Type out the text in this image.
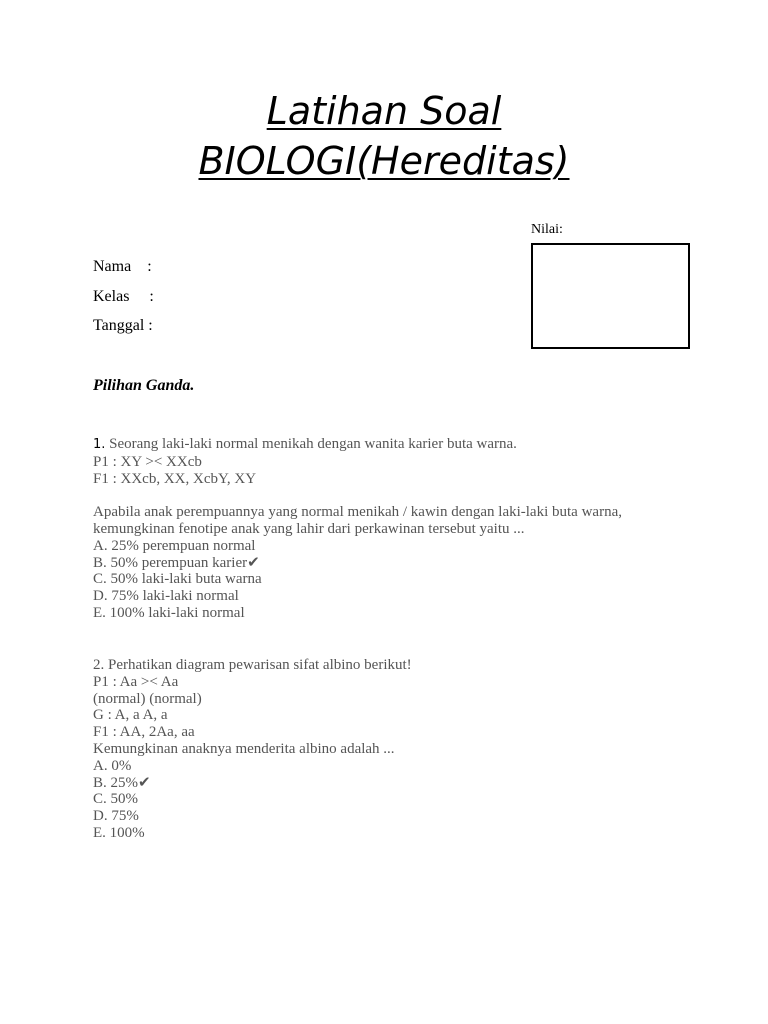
Latihan Soal
BIOLOGI(Hereditas)
Nilai:
Nama    :
Kelas     :
Tanggal :
Pilihan Ganda.
1. Seorang laki-laki normal menikah dengan wanita karier buta warna.
P1 : XY >< XXcb
F1 : XXcb, XX, XcbY, XY
Apabila anak perempuannya yang normal menikah / kawin dengan laki-laki buta warna,
kemungkinan fenotipe anak yang lahir dari perkawinan tersebut yaitu ...
A. 25% perempuan normal
B. 50% perempuan karier✔
C. 50% laki-laki buta warna
D. 75% laki-laki normal
E. 100% laki-laki normal
2. Perhatikan diagram pewarisan sifat albino berikut!
P1 : Aa >< Aa
(normal) (normal)
G : A, a A, a
F1 : AA, 2Aa, aa
Kemungkinan anaknya menderita albino adalah ...
A. 0%
B. 25%✔
C. 50%
D. 75%
E. 100%
